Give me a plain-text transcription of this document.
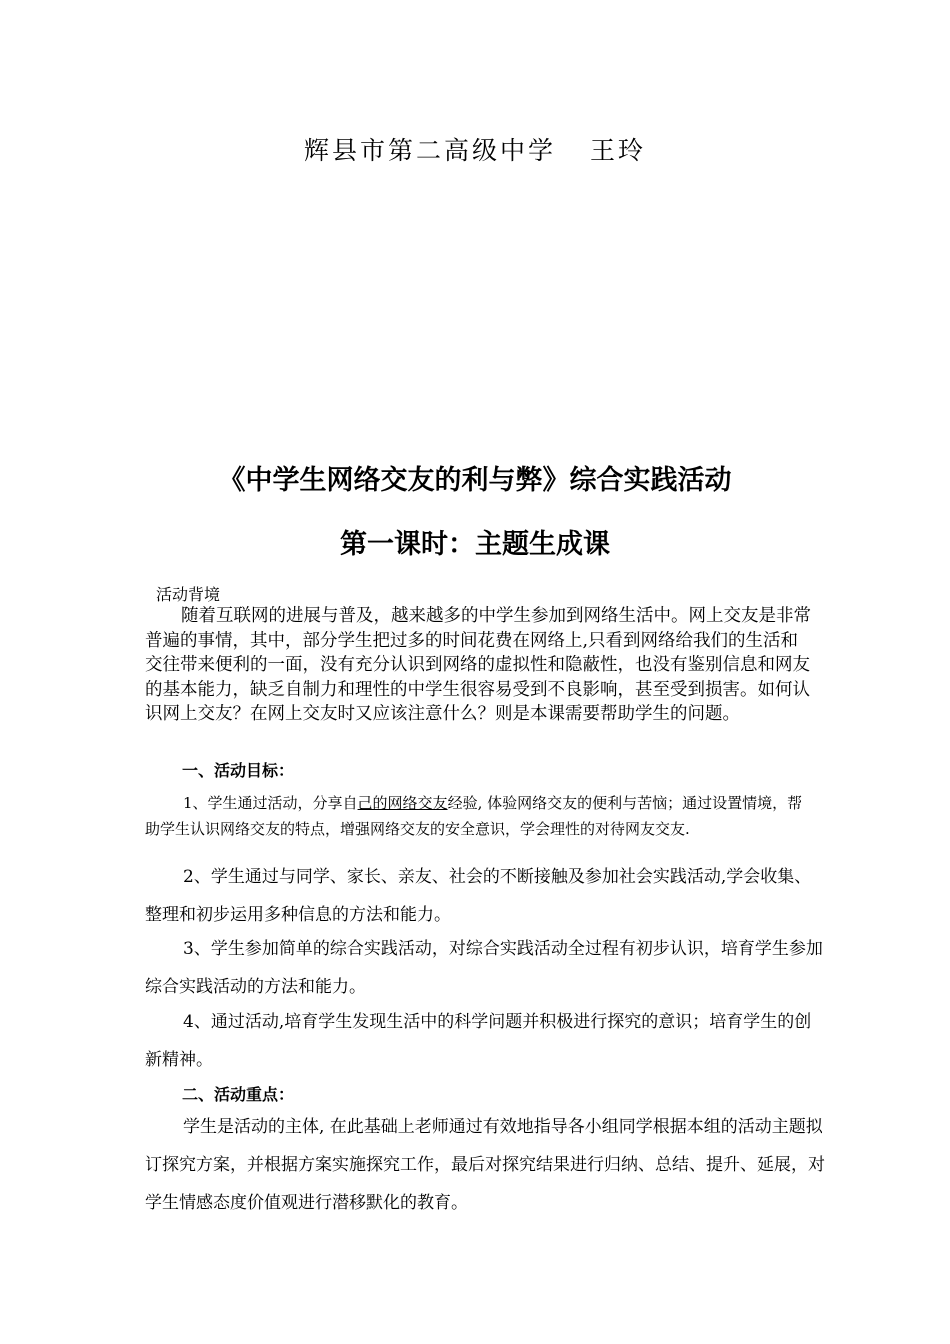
辉县市第二高级中学 王玲
《中学生网络交友的利与弊》综合实践活动
第一课时：主题生成课
活动背境

随着互联网的进展与普及，越来越多的中学生参加到网络生活中。网上交友是非常普遍的事情，其中，部分学生把过多的时间花费在网络上,只看到网络给我们的生活和交往带来便利的一面，没有充分认识到网络的虚拟性和隐蔽性，也没有鉴别信息和网友的基本能力，缺乏自制力和理性的中学生很容易受到不良影响，甚至受到损害。如何认识网上交友？在网上交友时又应该注意什么？则是本课需要帮助学生的问题。

一、活动目标：

1、学生通过活动，分享自己的网络交友经验, 体验网络交友的便利与苦恼；通过设置情境，帮助学生认识网络交友的特点，增强网络交友的安全意识，学会理性的对待网友交友.

2、学生通过与同学、家长、亲友、社会的不断接触及参加社会实践活动,学会收集、整理和初步运用多种信息的方法和能力。

3、学生参加简单的综合实践活动，对综合实践活动全过程有初步认识，培育学生参加综合实践活动的方法和能力。

4、通过活动,培育学生发现生活中的科学问题并积极进行探究的意识；培育学生的创新精神。

二、活动重点：

学生是活动的主体, 在此基础上老师通过有效地指导各小组同学根据本组的活动主题拟订探究方案，并根据方案实施探究工作，最后对探究结果进行归纳、总结、提升、延展，对学生情感态度价值观进行潜移默化的教育。
